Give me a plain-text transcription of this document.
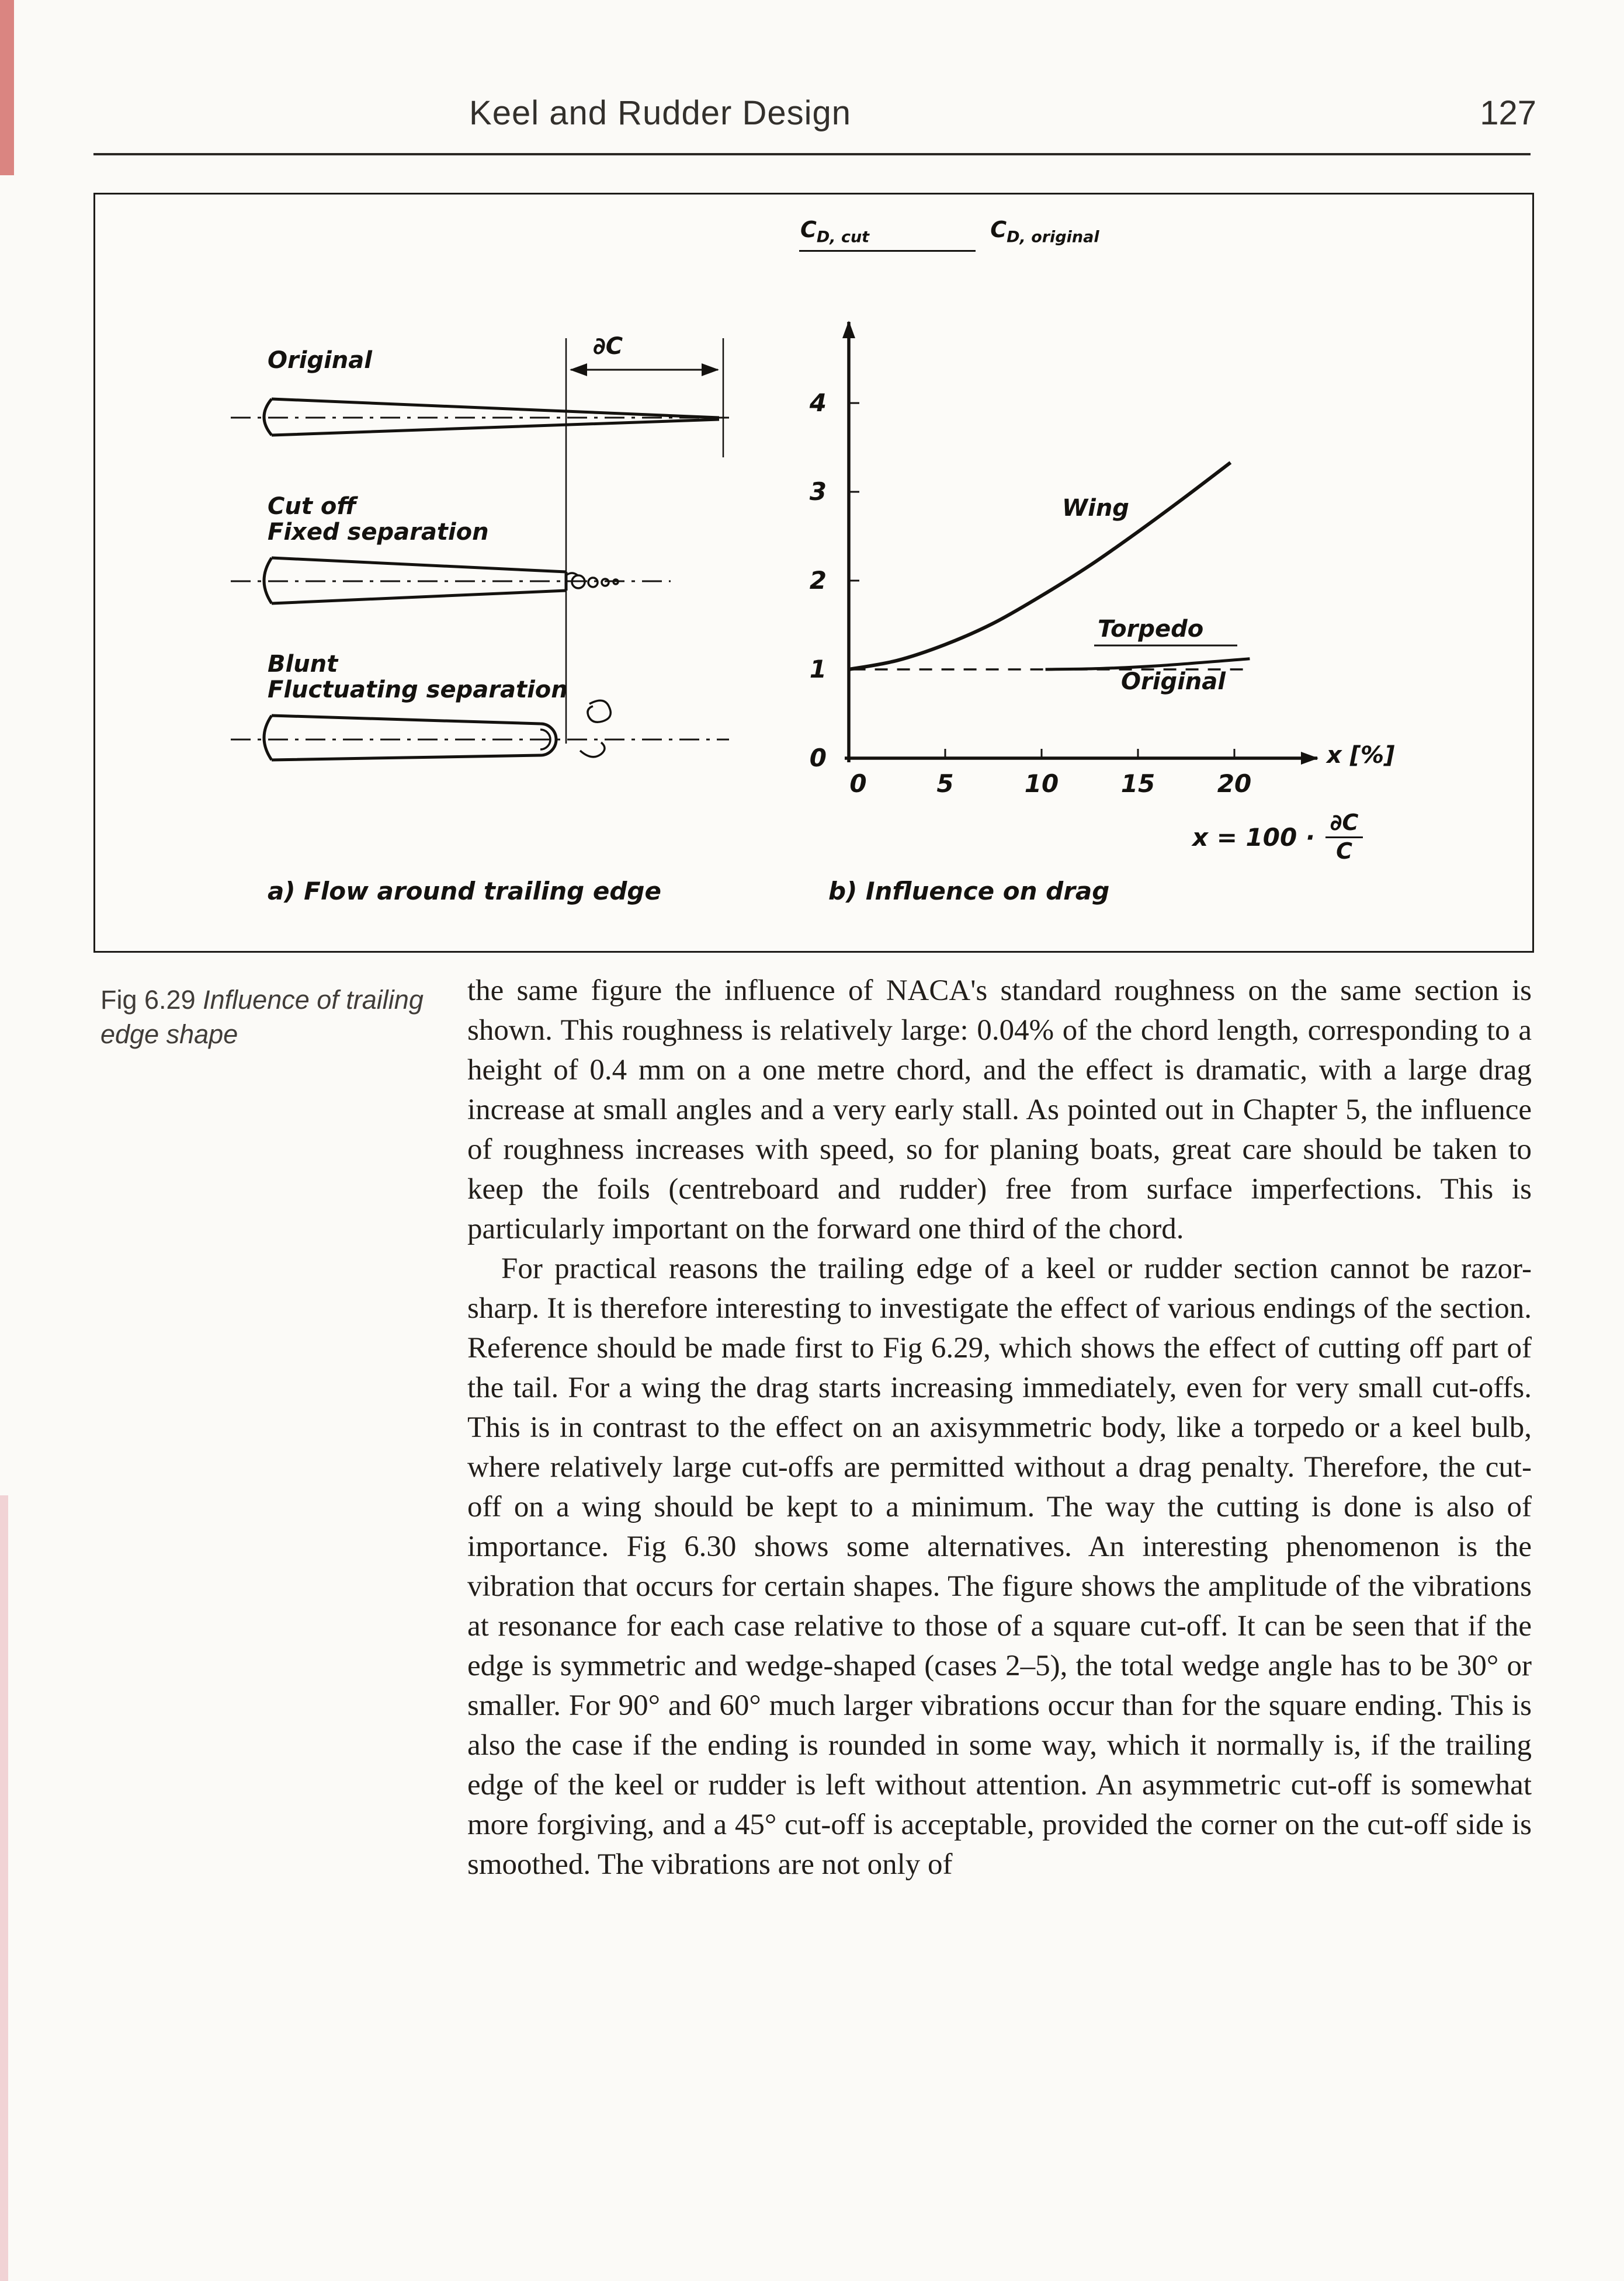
Keel and Rudder Design	127
0	5	10	15	20
0
1
2
3
4
Original
∂C
Cut off
Fixed separation
Blunt
Fluctuating separation
a) Flow around trailing edge
$C_{D, cut}$	$C_{D, original}$
Wing
Torpedo
Original
x [%]
$x = 100 \cdot \frac{\partial C}{C}$
b) Influence on drag
Fig 6.29 Influence of trailing edge shape

the same figure the influence of NACA's standard roughness on the same section is shown. This roughness is relatively large: 0.04% of the chord length, corresponding to a height of 0.4 mm on a one metre chord, and the effect is dramatic, with a large drag increase at small angles and a very early stall. As pointed out in Chapter 5, the influence of roughness increases with speed, so for planing boats, great care should be taken to keep the foils (centreboard and rudder) free from surface imperfections. This is particularly important on the forward one third of the chord.

For practical reasons the trailing edge of a keel or rudder section cannot be razor-sharp. It is therefore interesting to investigate the effect of various endings of the section. Reference should be made first to Fig 6.29, which shows the effect of cutting off part of the tail. For a wing the drag starts increasing immediately, even for very small cut-offs. This is in contrast to the effect on an axisymmetric body, like a torpedo or a keel bulb, where relatively large cut-offs are permitted without a drag penalty. Therefore, the cut-off on a wing should be kept to a minimum. The way the cutting is done is also of importance. Fig 6.30 shows some alternatives. An interesting phenomenon is the vibration that occurs for certain shapes. The figure shows the amplitude of the vibrations at resonance for each case relative to those of a square cut-off. It can be seen that if the edge is symmetric and wedge-shaped (cases 2–5), the total wedge angle has to be 30° or smaller. For 90° and 60° much larger vibrations occur than for the square ending. This is also the case if the ending is rounded in some way, which it normally is, if the trailing edge of the keel or rudder is left without attention. An asymmetric cut-off is somewhat more forgiving, and a 45° cut-off is acceptable, provided the corner on the cut-off side is smoothed. The vibrations are not only of
